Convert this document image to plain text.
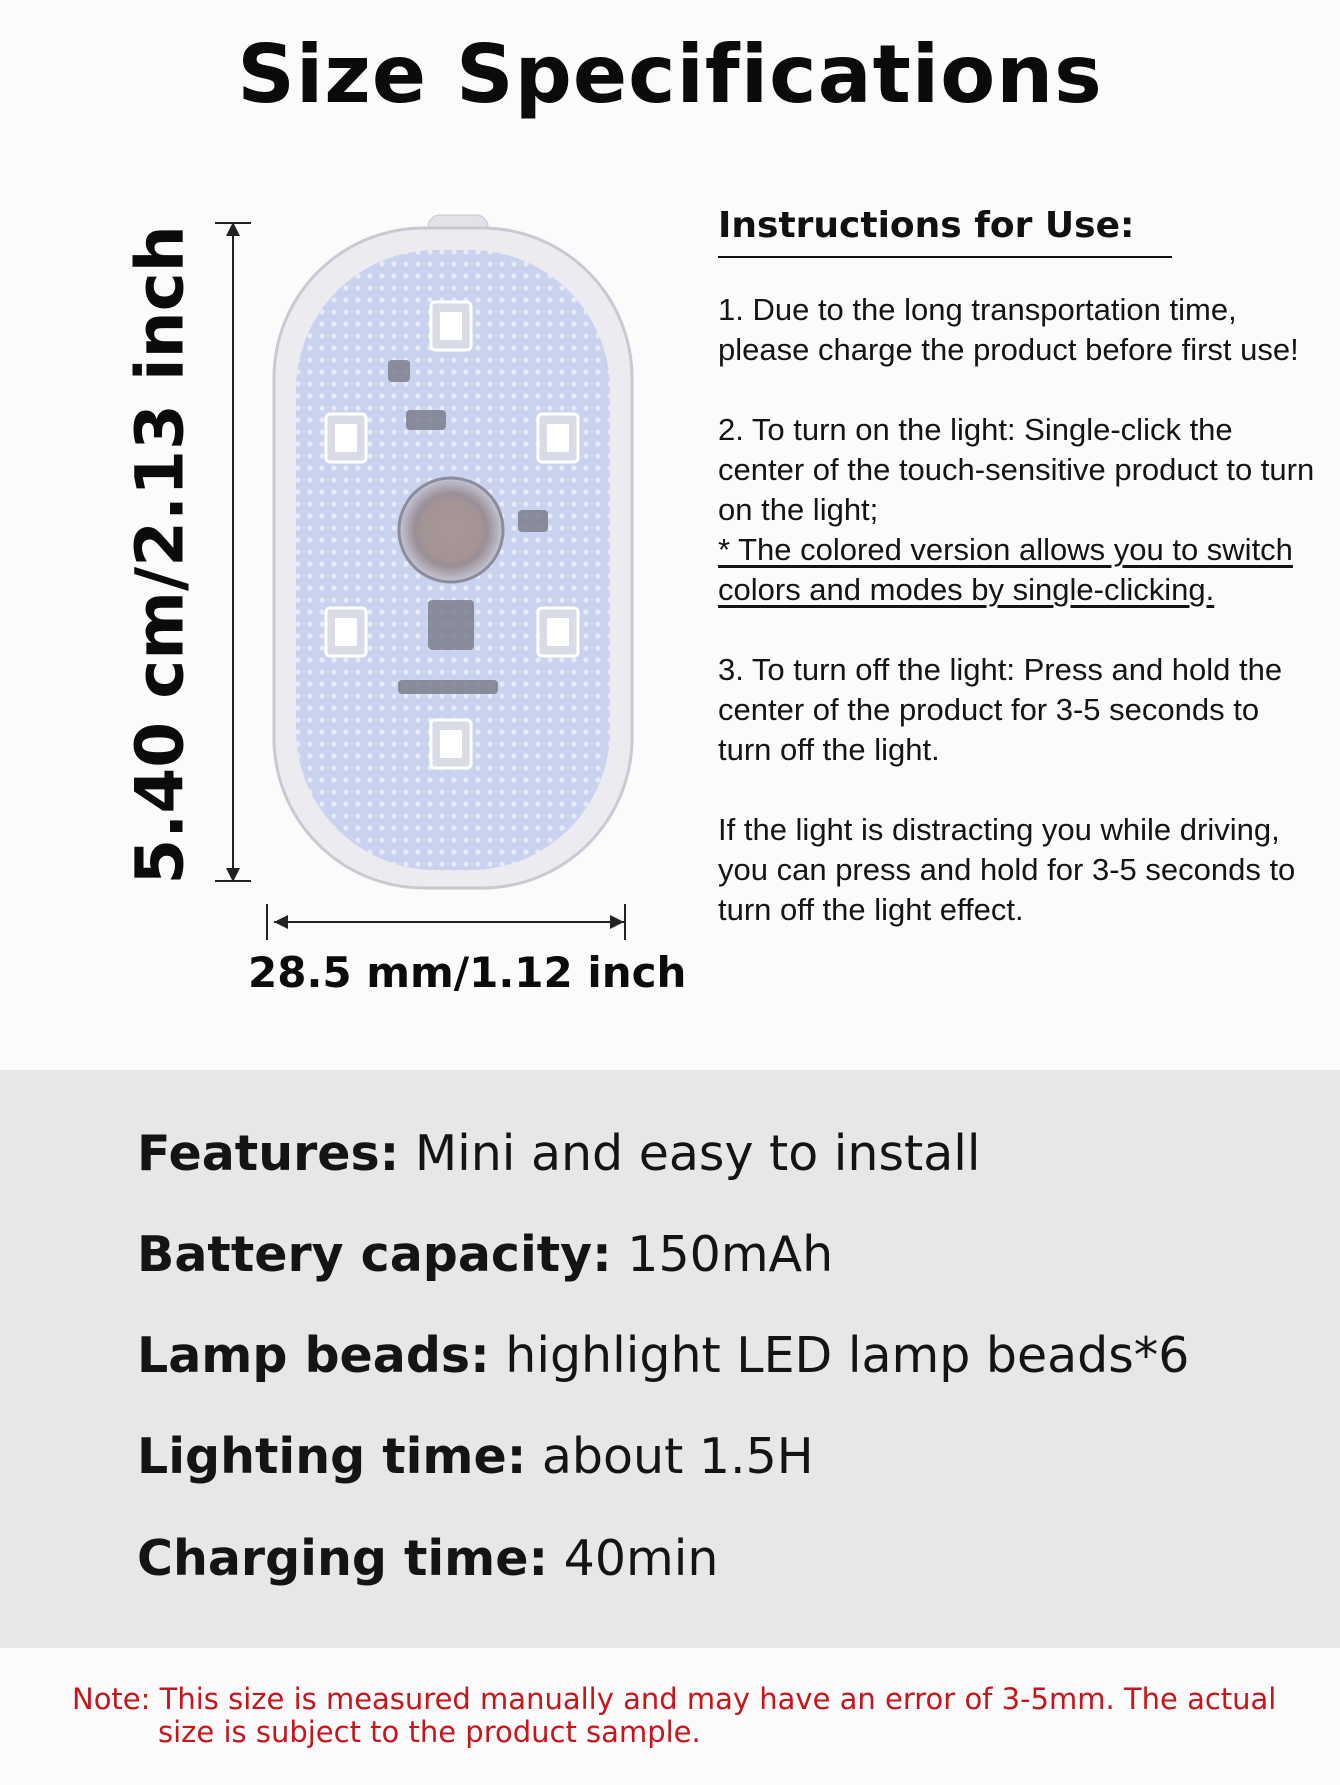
Size Specifications
5.40 cm/2.13 inch
28.5 mm/1.12 inch
Instructions for Use:

1. Due to the long transportation time, please charge the product before first use!

2. To turn on the light: Single-click the center of the touch-sensitive product to turn on the light;

* The colored version allows you to switch colors and modes by single-clicking.

3. To turn off the light: Press and hold the center of the product for 3-5 seconds to turn off the light.

If the light is distracting you while driving, you can press and hold for 3-5 seconds to turn off the light effect.

Features: Mini and easy to install
Battery capacity: 150mAh
Lamp beads: highlight LED lamp beads*6
Lighting time: about 1.5H
Charging time: 40min
Note: This size is measured manually and may have an error of 3-5mm. The actual
size is subject to the product sample.
